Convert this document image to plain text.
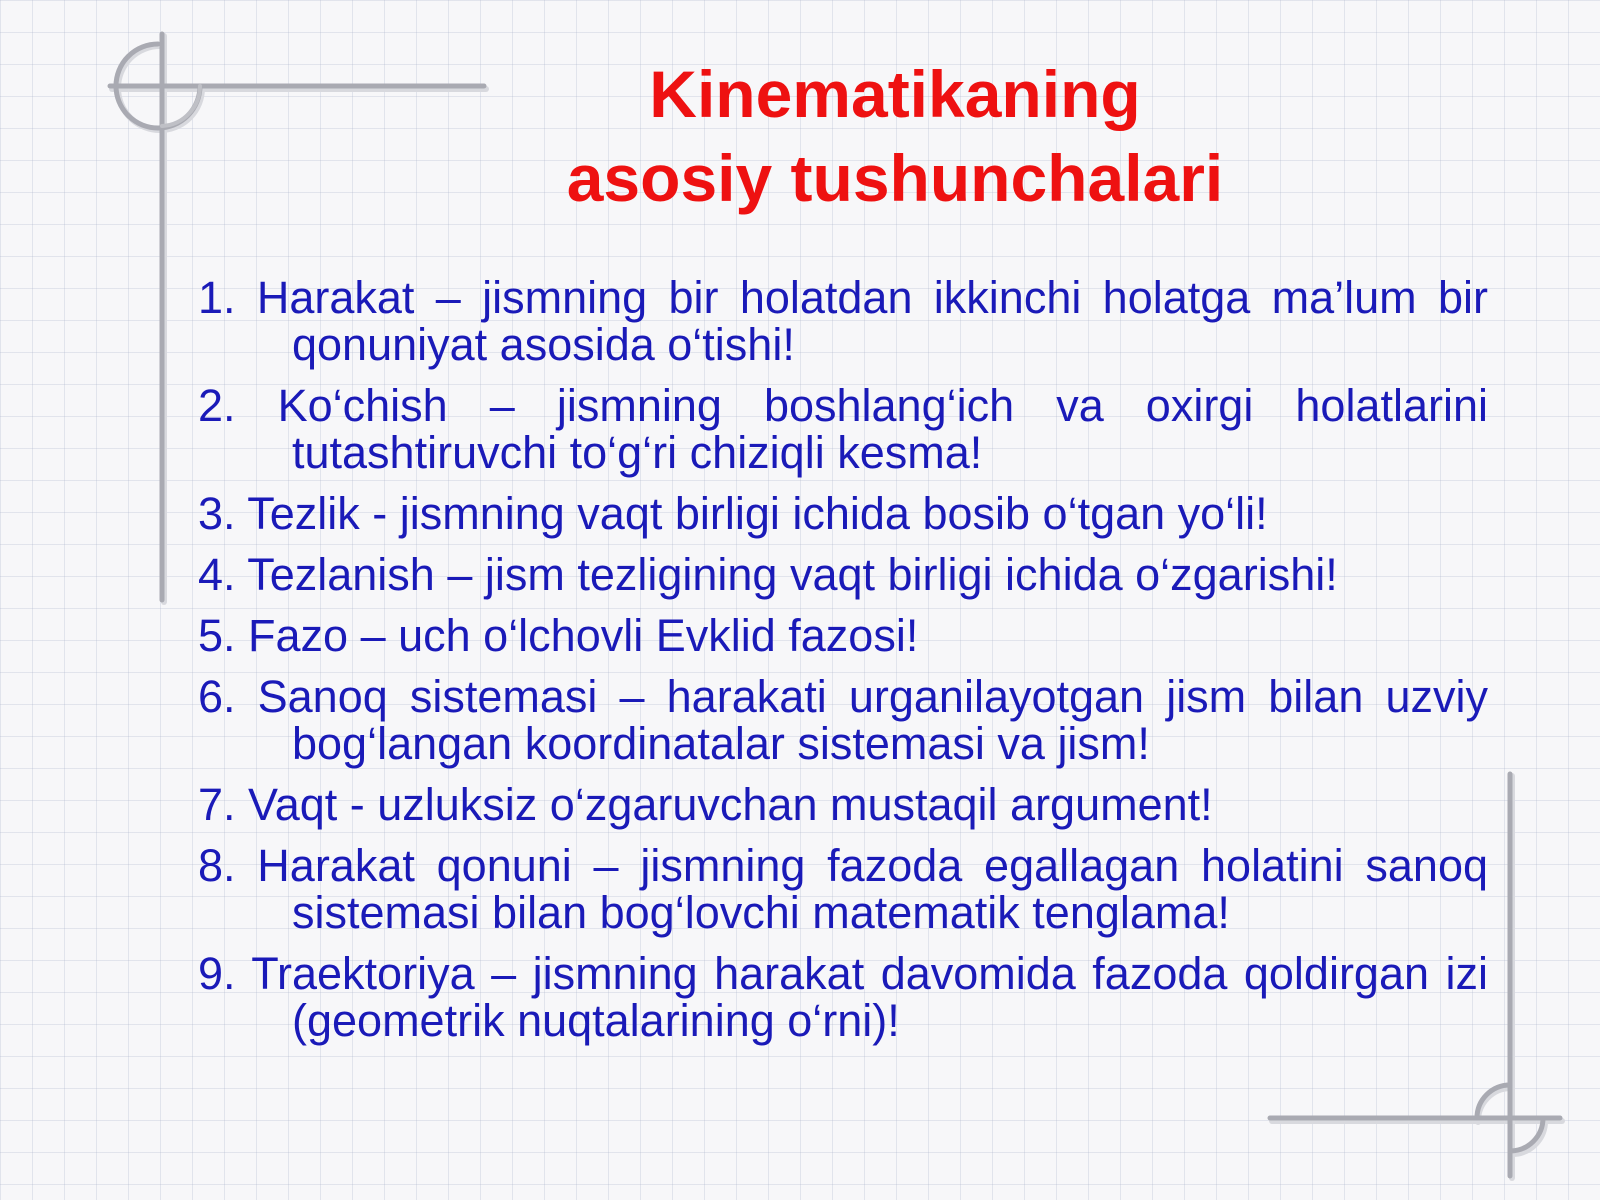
Kinematikaning
asosiy tushunchalari
1. Harakat – jismning bir holatdan ikkinchi holatga ma’lum bir qonuniyat asosida o‘tishi!
2. Ko‘chish – jismning boshlang‘ich va oxirgi holatlarini tutashtiruvchi to‘g‘ri chiziqli kesma!
3. Tezlik - jismning vaqt birligi ichida bosib o‘tgan yo‘li!
4. Tezlanish – jism tezligining vaqt birligi ichida o‘zgarishi!
5. Fazo – uch o‘lchovli Evklid fazosi!
6. Sanoq sistemasi – harakati urganilayotgan jism bilan uzviy bog‘langan koordinatalar sistemasi va jism!
7. Vaqt - uzluksiz o‘zgaruvchan mustaqil argument!
8. Harakat qonuni – jismning fazoda egallagan holatini sanoq sistemasi bilan bog‘lovchi matematik tenglama!
9. Traektoriya – jismning harakat davomida fazoda qoldirgan izi (geometrik nuqtalarining o‘rni)!
